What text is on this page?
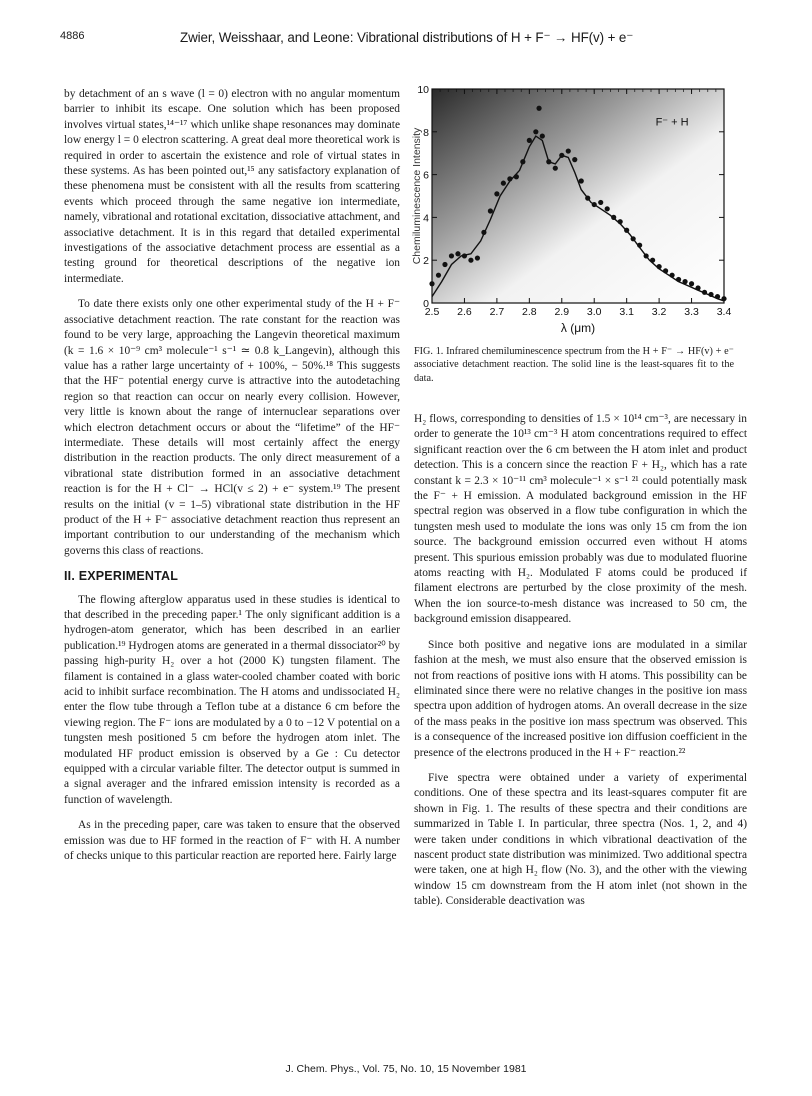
4886	Zwier, Weisshaar, and Leone: Vibrational distributions of H + F⁻ → HF(v) + e⁻

by detachment of an s wave (l = 0) electron with no angular momentum barrier to inhibit its escape. One solution which has been proposed involves virtual states,¹⁴⁻¹⁷ which unlike shape resonances may dominate low energy l = 0 electron scattering. A great deal more theoretical work is required in order to ascertain the existence and role of virtual states in these systems. As has been pointed out,¹⁵ any satisfactory explanation of these phenomena must be consistent with all the results from scattering events which proceed through the same negative ion intermediate, namely, vibrational and rotational excitation, dissociative attachment, and associative detachment. It is in this regard that detailed experimental investigations of the associative detachment process are essential as a testing ground for theoretical descriptions of the negative ion intermediate.

To date there exists only one other experimental study of the H + F⁻ associative detachment reaction. The rate constant for the reaction was found to be very large, approaching the Langevin theoretical maximum (k = 1.6 × 10⁻⁹ cm³ molecule⁻¹ s⁻¹ ≃ 0.8 k_Langevin), although this value has a rather large uncertainty of + 100%, − 50%.¹⁸ This suggests that the HF⁻ potential energy curve is attractive into the autodetaching region so that reaction can occur on nearly every collision. However, very little is known about the range of internuclear separations over which electron detachment occurs or about the “lifetime” of the HF⁻ intermediate. These details will most certainly affect the energy distribution in the reaction products. The only direct measurement of a vibrational state distribution formed in an associative detachment reaction is for the H + Cl⁻ → HCl(v ≤ 2) + e⁻ system.¹⁹ The present results on the initial (v = 1–5) vibrational state distribution in the HF product of the H + F⁻ associative detachment reaction thus represent an important contribution to our understanding of the mechanism which governs this class of reactions.

II. EXPERIMENTAL

The flowing afterglow apparatus used in these studies is identical to that described in the preceding paper.¹ The only significant addition is a hydrogen-atom generator, which has been described in an earlier publication.¹⁹ Hydrogen atoms are generated in a thermal dissociator²⁰ by passing high-purity H₂ over a hot (2000 K) tungsten filament. The filament is contained in a glass water-cooled chamber coated with boric acid to inhibit surface recombination. The H atoms and undissociated H₂ enter the flow tube through a Teflon tube at a distance 6 cm before the viewing region. The F⁻ ions are modulated by a 0 to −12 V potential on a tungsten mesh positioned 5 cm before the hydrogen atom inlet. The modulated HF product emission is observed by a Ge : Cu detector equipped with a circular variable filter. The detector output is summed in a signal averager and the infrared emission intensity is recorded as a function of wavelength.

As in the preceding paper, care was taken to ensure that the observed emission was due to HF formed in the reaction of F⁻ with H. A number of checks unique to this particular reaction are reported here. Fairly large

2.5 2.6 2.7 2.8 2.9 3.0 3.1 3.2 3.3 3.4
0
2
4
6
8
10
Chemiluminescence Intensity
λ (μm)
F⁻ + H
FIG. 1. Infrared chemiluminescence spectrum from the H + F⁻ → HF(v) + e⁻ associative detachment reaction. The solid line is the least-squares fit to the data.

H₂ flows, corresponding to densities of 1.5 × 10¹⁴ cm⁻³, are necessary in order to generate the 10¹³ cm⁻³ H atom concentrations required to effect significant reaction over the 6 cm between the H atom inlet and product detection. This is a concern since the reaction F + H₂, which has a rate constant k = 2.3 × 10⁻¹¹ cm³ molecule⁻¹ × s⁻¹ ²¹ could potentially mask the F⁻ + H emission. A modulated background emission in the HF spectral region was observed in a flow tube configuration in which the tungsten mesh used to modulate the ions was only 15 cm from the ion source. The background emission occurred even without H atoms present. This spurious emission probably was due to modulated fluorine atoms reacting with H₂. Modulated F atoms could be produced if filament electrons are perturbed by the close proximity of the mesh. When the ion source-to-mesh distance was increased to 50 cm, the background emission disappeared.

Since both positive and negative ions are modulated in a similar fashion at the mesh, we must also ensure that the observed emission is not from reactions of positive ions with H atoms. This possibility can be eliminated since there were no relative changes in the positive ion mass spectra upon addition of hydrogen atoms. An overall decrease in the size of the mass peaks in the positive ion mass spectrum was observed. This is a consequence of the increased positive ion diffusion coefficient in the presence of the electrons produced in the H + F⁻ reaction.²²

Five spectra were obtained under a variety of experimental conditions. One of these spectra and its least-squares computer fit are shown in Fig. 1. The results of these spectra and their conditions are summarized in Table I. In particular, three spectra (Nos. 1, 2, and 4) were taken under conditions in which vibrational deactivation of the nascent product state distribution was minimized. Two additional spectra were taken, one at high H₂ flow (No. 3), and the other with the viewing window 15 cm downstream from the H atom inlet (not shown in the table). Considerable deactivation was

J. Chem. Phys., Vol. 75, No. 10, 15 November 1981
